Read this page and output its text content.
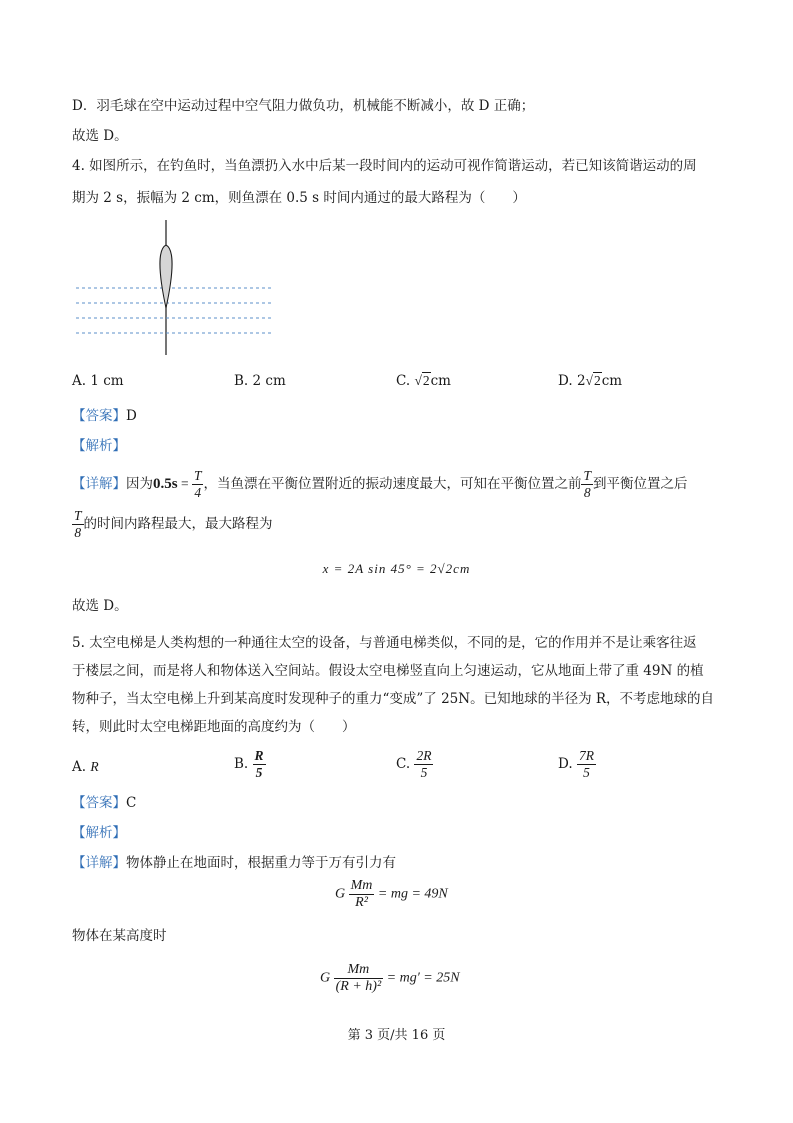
D．羽毛球在空中运动过程中空气阻力做负功，机械能不断减小，故 D 正确；
故选 D。
4. 如图所示，在钓鱼时，当鱼漂扔入水中后某一段时间内的运动可视作简谐运动，若已知该简谐运动的周
期为 2 s，振幅为 2 cm，则鱼漂在 0.5 s 时间内通过的最大路程为（　　）
A. 1 cm	B. 2 cm	C. √2cm	D. 2√2cm
【答案】D
【解析】
【详解】因为$0.5s = \frac{T}{4}$ ，当鱼漂在平衡位置附近的振动速度最大，可知在平衡位置之前 $\frac{T}{8}$ 到平衡位置之后
$\frac{T}{8}$ 的时间内路程最大，最大路程为
x = 2A sin 45° = 2√2cm
故选 D。
5. 太空电梯是人类构想的一种通往太空的设备，与普通电梯类似，不同的是，它的作用并不是让乘客往返
于楼层之间，而是将人和物体送入空间站。假设太空电梯竖直向上匀速运动，它从地面上带了重 49N 的植
物种子，当太空电梯上升到某高度时发现种子的重力“变成”了 25N。已知地球的半径为 R，不考虑地球的自
转，则此时太空电梯距地面的高度约为（　　）
A. R	B. $\frac{R}{5}$	C. $\frac{2R}{5}$	D. $\frac{7R}{5}$
【答案】C
【解析】
【详解】物体静止在地面时，根据重力等于万有引力有
G $\frac{Mm}{\text{R²}}$ = mg = 49N
物体在某高度时
G $\frac{Mm}{\text{(R + h)²}} = mg' = 25N$
第 3 页/共 16 页
